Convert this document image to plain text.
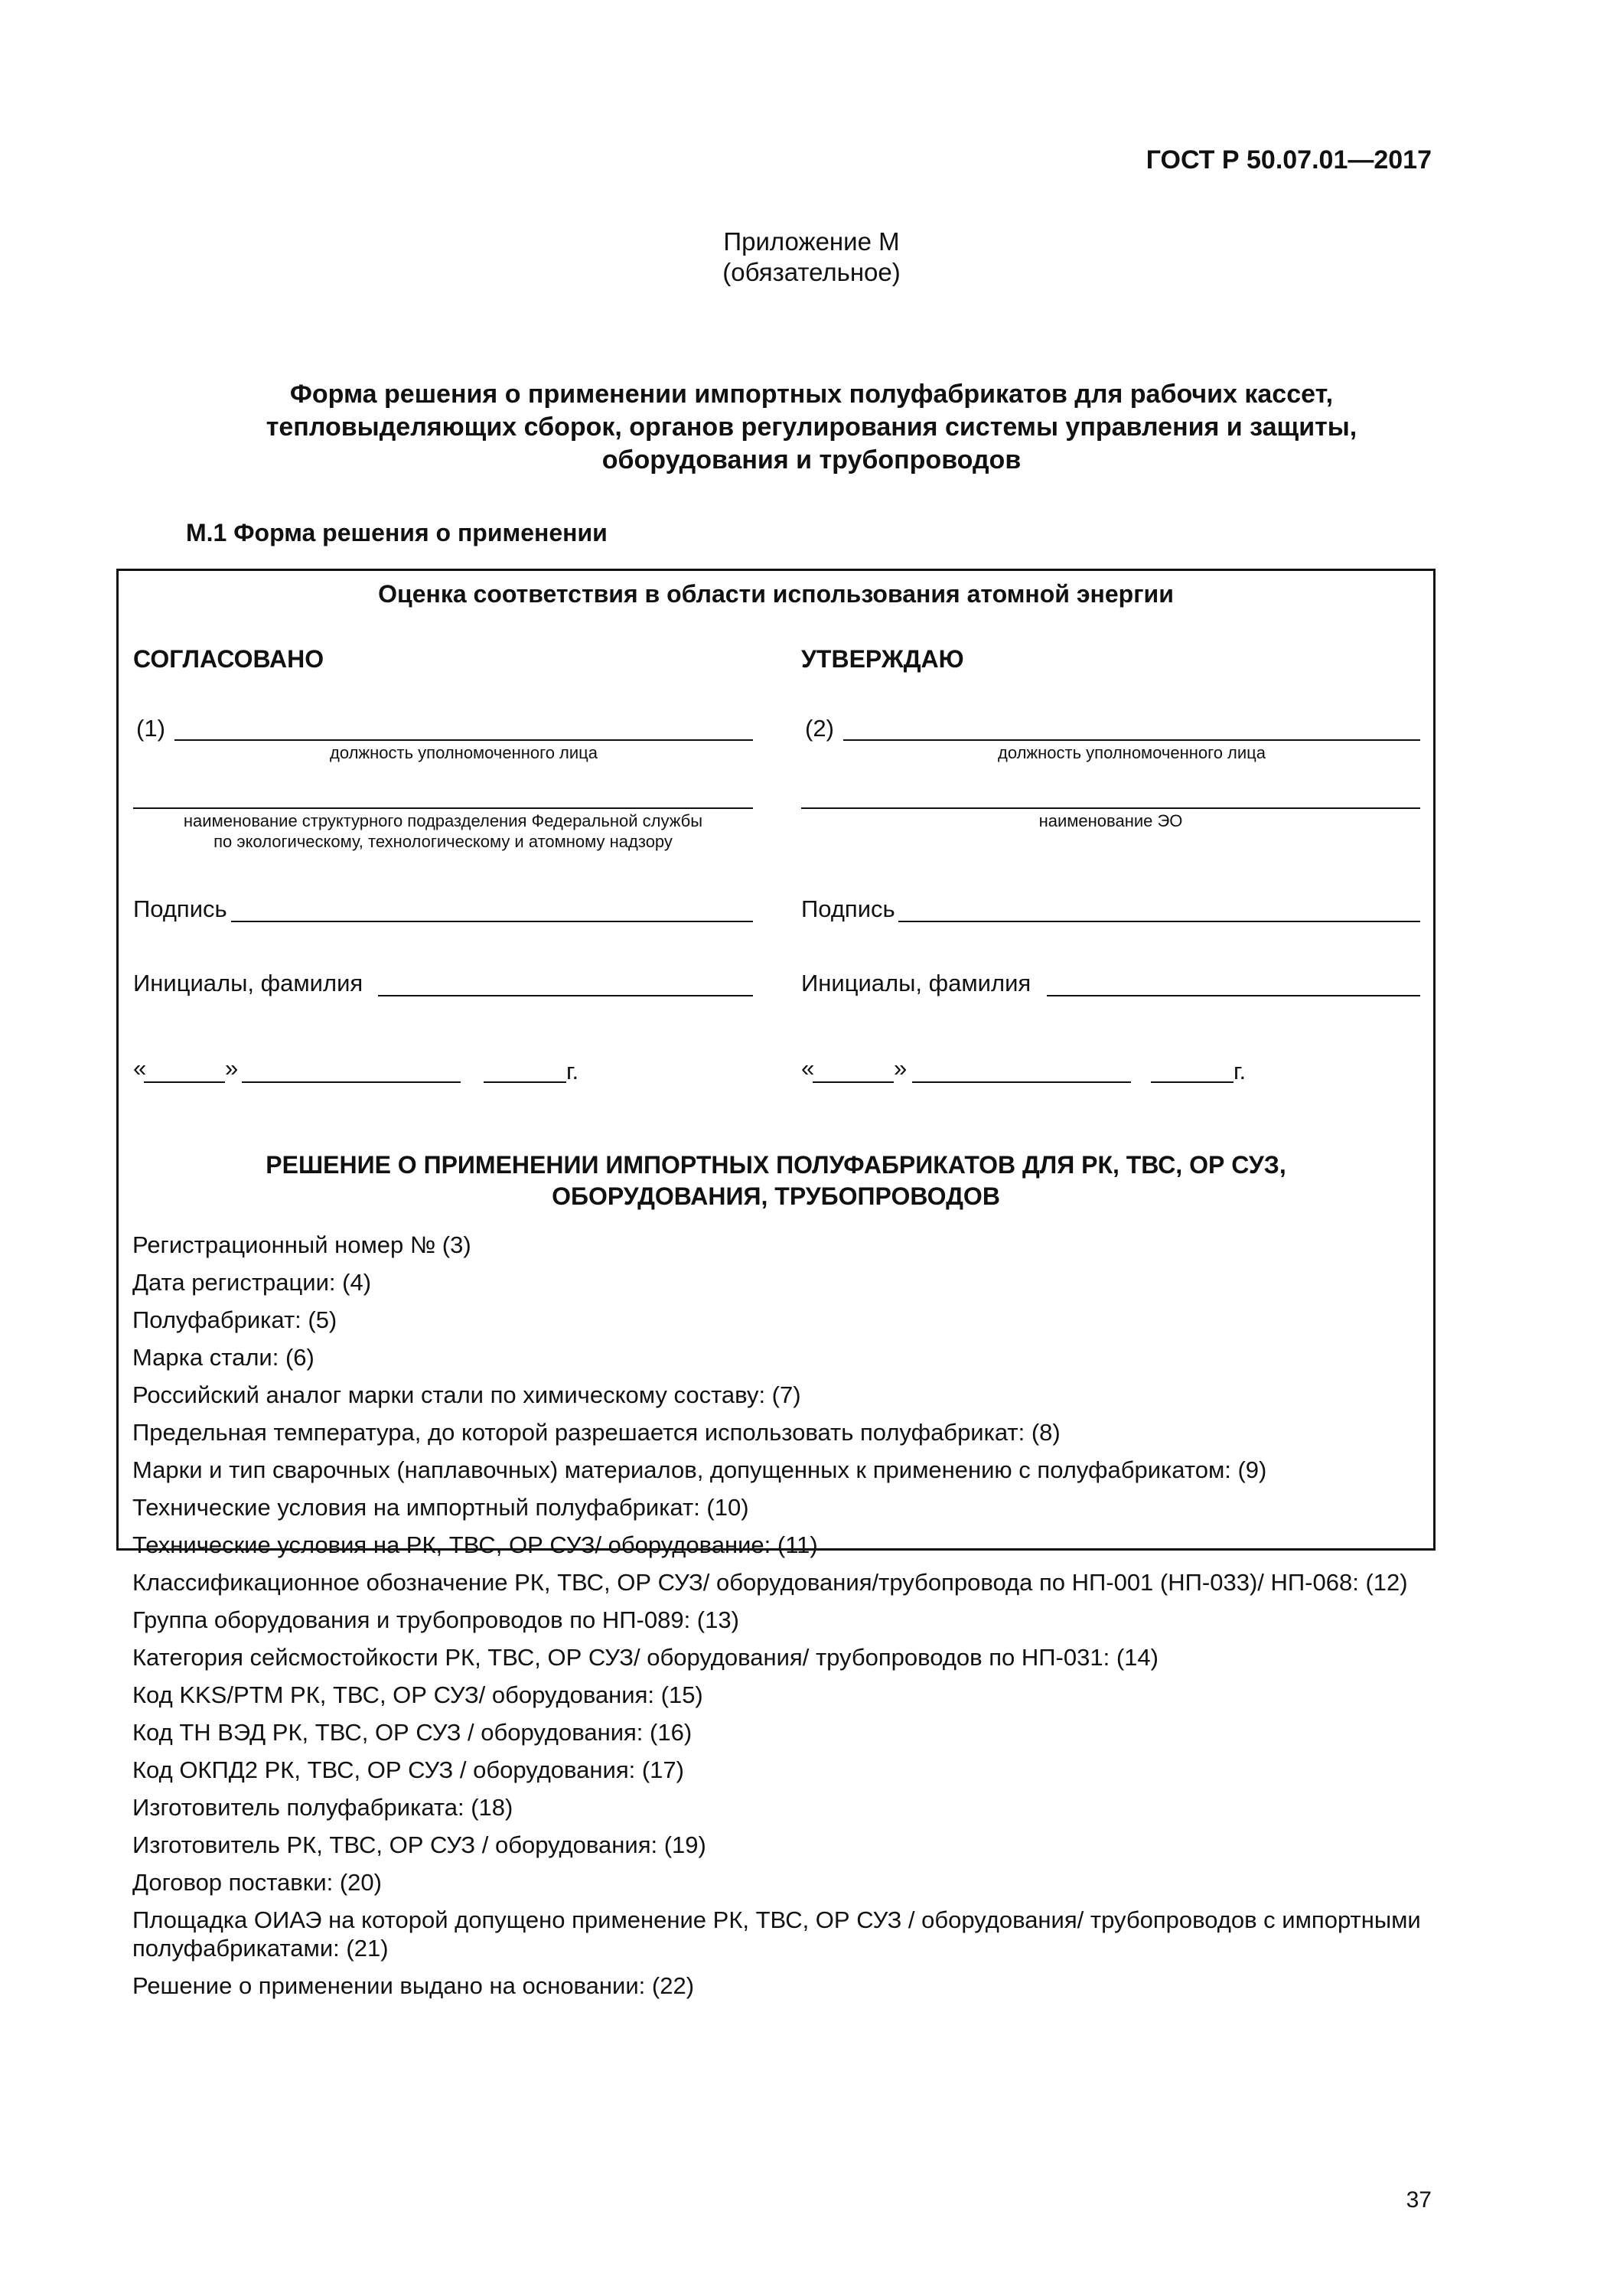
ГОСТ Р 50.07.01—2017
Приложение М
(обязательное)
Форма решения о применении импортных полуфабрикатов для рабочих кассет,
тепловыделяющих сборок, органов регулирования системы управления и защиты,
оборудования и трубопроводов
М.1 Форма решения о применении
Оценка соответствия в области использования атомной энергии
СОГЛАСОВАНО
(1)
должность уполномоченного лица
наименование структурного подразделения Федеральной службы
по экологическому, технологическому и атомному надзору
Подпись
Инициалы, фамилия
«	»	г.
УТВЕРЖДАЮ
(2)
должность уполномоченного лица
наименование ЭО
Подпись
Инициалы, фамилия
«	»	г.
РЕШЕНИЕ О ПРИМЕНЕНИИ ИМПОРТНЫХ ПОЛУФАБРИКАТОВ ДЛЯ РК, ТВС, ОР СУЗ,
ОБОРУДОВАНИЯ, ТРУБОПРОВОДОВ
Регистрационный номер № (3)
Дата регистрации: (4)
Полуфабрикат: (5)
Марка стали: (6)
Российский аналог марки стали по химическому составу: (7)
Предельная температура, до которой разрешается использовать полуфабрикат: (8)
Марки и тип сварочных (наплавочных) материалов, допущенных к применению с полуфабрикатом: (9)
Технические условия на импортный полуфабрикат: (10)
Технические условия на РК, ТВС, ОР СУЗ/ оборудование: (11)
Классификационное обозначение РК, ТВС, ОР СУЗ/ оборудования/трубопровода по НП-001 (НП-033)/ НП-068: (12)
Группа оборудования и трубопроводов по НП-089: (13)
Категория сейсмостойкости РК, ТВС, ОР СУЗ/ оборудования/ трубопроводов по НП-031: (14)
Код KKS/PTM РК, ТВС, ОР СУЗ/ оборудования: (15)
Код ТН ВЭД РК, ТВС, ОР СУЗ / оборудования: (16)
Код ОКПД2 РК, ТВС, ОР СУЗ / оборудования: (17)
Изготовитель полуфабриката: (18)
Изготовитель РК, ТВС, ОР СУЗ / оборудования: (19)
Договор поставки: (20)
Площадка ОИАЭ на которой допущено применение РК, ТВС, ОР СУЗ / оборудования/ трубопроводов с импортными полуфабрикатами: (21)
Решение о применении выдано на основании: (22)
37
